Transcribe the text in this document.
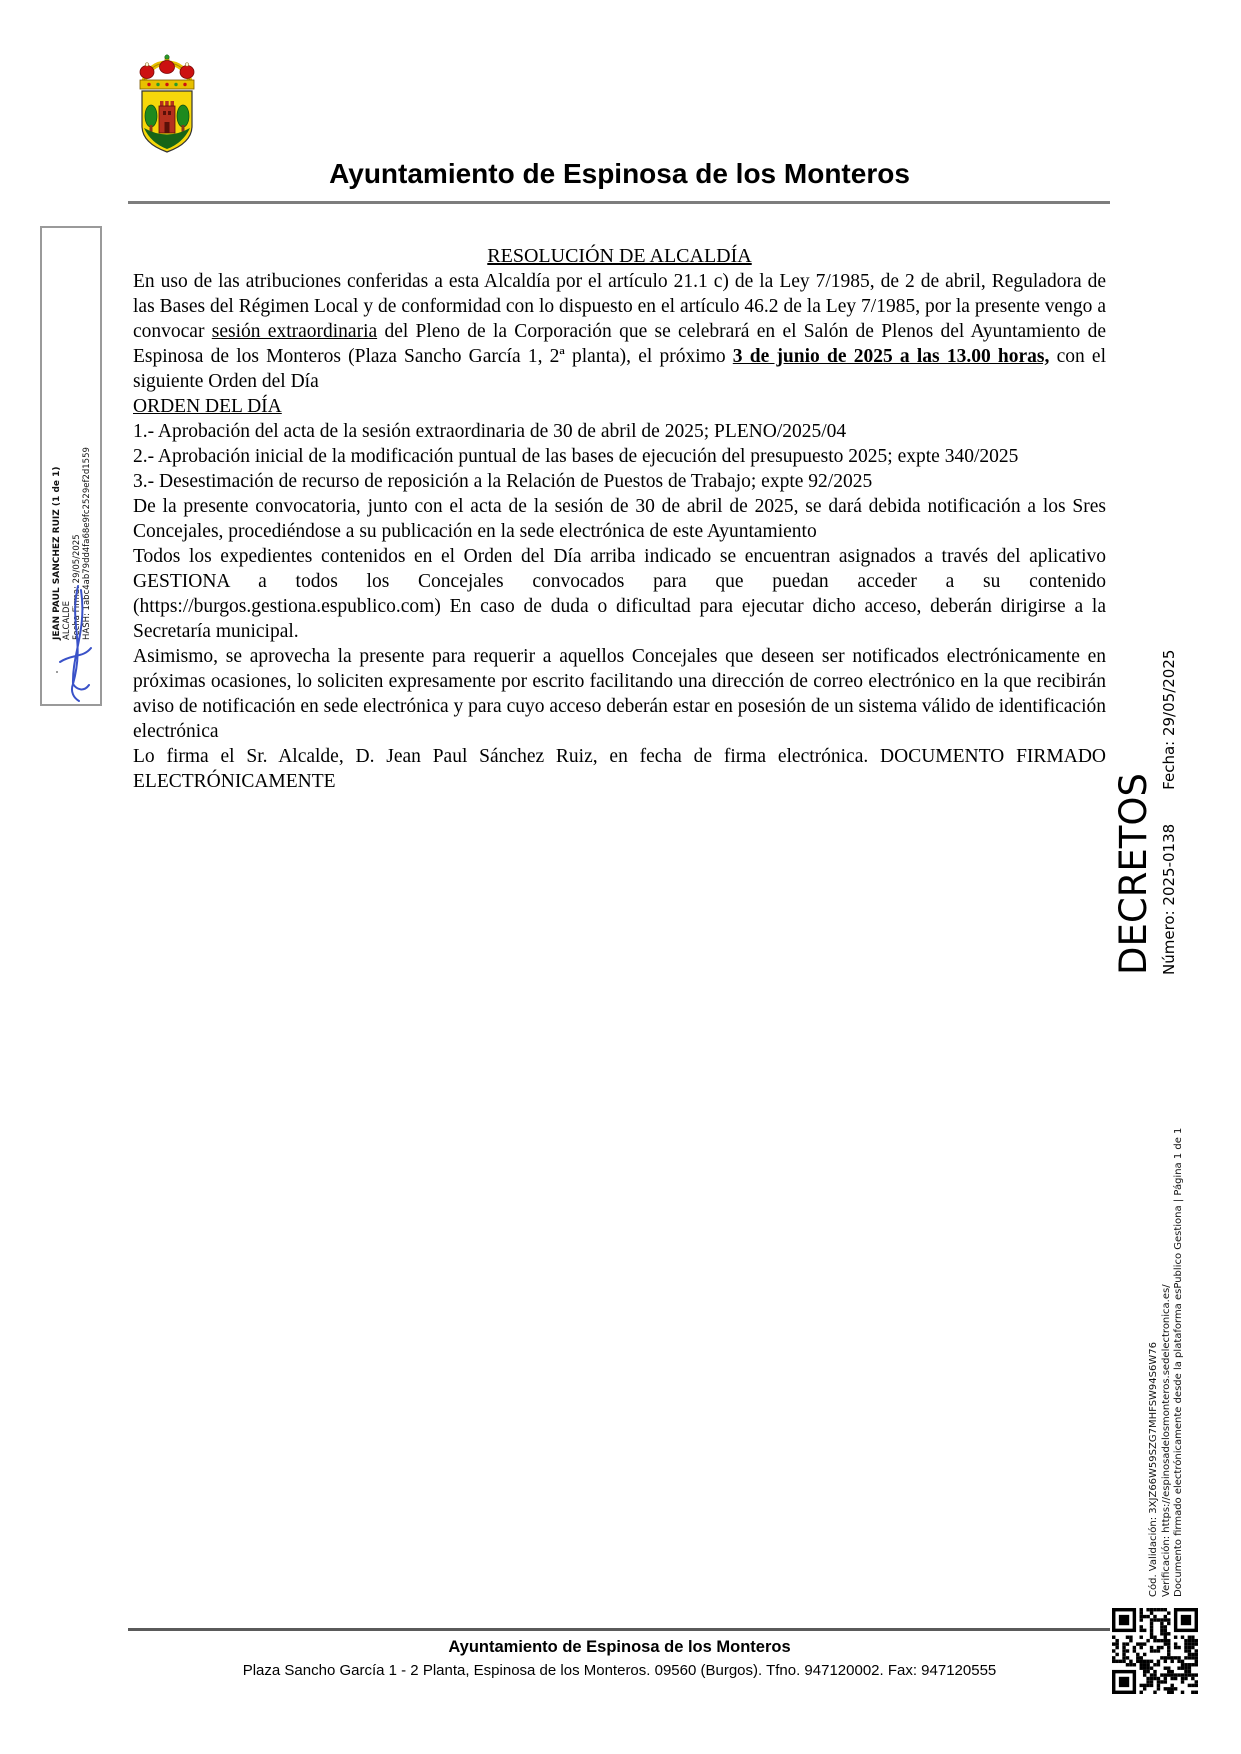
Ayuntamiento de Espinosa de los Monteros

RESOLUCIÓN DE ALCALDÍA

En uso de las atribuciones conferidas a esta Alcaldía por el artículo 21.1 c) de la Ley 7/1985, de 2 de abril, Reguladora de las Bases del Régimen Local y de conformidad con lo dispuesto en el artículo 46.2 de la Ley 7/1985, por la presente vengo a convocar sesión extraordinaria del Pleno de la Corporación que se celebrará en el Salón de Plenos del Ayuntamiento de Espinosa de los Monteros (Plaza Sancho García 1, 2ª planta), el próximo 3 de junio de 2025 a las 13.00 horas, con el siguiente Orden del Día

ORDEN DEL DÍA

1.- Aprobación del acta de la sesión extraordinaria de 30 de abril de 2025; PLENO/2025/04

2.- Aprobación inicial de la modificación puntual de las bases de ejecución del presupuesto 2025; expte 340/2025

3.- Desestimación de recurso de reposición a la Relación de Puestos de Trabajo; expte 92/2025

De la presente convocatoria, junto con el acta de la sesión de 30 de abril de 2025, se dará debida notificación a los Sres Concejales, procediéndose a su publicación en la sede electrónica de este Ayuntamiento

Todos los expedientes contenidos en el Orden del Día arriba indicado se encuentran asignados a través del aplicativo GESTIONA a todos los Concejales convocados para que puedan acceder a su contenido (https://burgos.gestiona.espublico.com) En caso de duda o dificultad para ejecutar dicho acceso, deberán dirigirse a la Secretaría municipal.

Asimismo, se aprovecha la presente para requerir a aquellos Concejales que deseen ser notificados electrónicamente en próximas ocasiones, lo soliciten expresamente por escrito facilitando una dirección de correo electrónico en la que recibirán aviso de notificación en sede electrónica y para cuyo acceso deberán estar en posesión de un sistema válido de identificación electrónica

Lo firma el Sr. Alcalde, D. Jean Paul Sánchez Ruiz, en fecha de firma electrónica. DOCUMENTO FIRMADO ELECTRÓNICAMENTE

JEAN PAUL SANCHEZ RUIZ (1 de 1) ALCALDE Fecha Firma: 29/05/2025 HASH: 1abc4ab79dd4fa68e9fc2529ef2d1559
DECRETOS Número: 2025-0138Fecha: 29/05/2025
Cód. Validación: 3XJZ66W59SZG7MHFSW94S6W76 Verificación: https://espinosadelosmonteros.sedelectronica.es/ Documento firmado electrónicamente desde la plataforma esPublico Gestiona | Página 1 de 1
Ayuntamiento de Espinosa de los Monteros
Plaza Sancho García 1 - 2 Planta, Espinosa de los Monteros. 09560 (Burgos). Tfno. 947120002. Fax: 947120555
